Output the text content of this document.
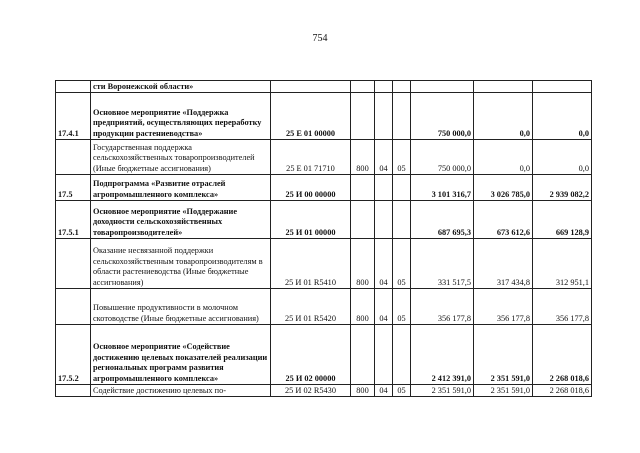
754
	сти Воронежской области»							
17.4.1	Основное мероприятие «Поддержка предприятий, осуществляющих переработку продукции растениеводства»	25 Е 01 00000				750 000,0	0,0	0,0
	Государственная поддержка сельскохозяйственных товаропроизводителей (Иные бюджетные ассигнования)	25 Е 01 71710	800	04	05	750 000,0	0,0	0,0
17.5	Подпрограмма «Развитие отраслей агропромышленного комплекса»	25 И 00 00000				3 101 316,7	3 026 785,0	2 939 082,2
17.5.1	Основное мероприятие «Поддержание доходности сельскохозяйственных товаропроизводителей»	25 И 01 00000				687 695,3	673 612,6	669 128,9
	Оказание несвязанной поддержки сельскохозяйственным товаропроизводителям в области растениеводства (Иные бюджетные ассигнования)	25 И 01 R5410	800	04	05	331 517,5	317 434,8	312 951,1
	Повышение продуктивности в молочном скотоводстве (Иные бюджетные ассигнования)	25 И 01 R5420	800	04	05	356 177,8	356 177,8	356 177,8
17.5.2	Основное мероприятие «Содействие достижению целевых показателей реализации региональных программ развития агропромышленного комплекса»	25 И 02 00000				2 412 391,0	2 351 591,0	2 268 018,6
	Содействие достижению целевых по-	25 И 02 R5430	800	04	05	2 351 591,0	2 351 591,0	2 268 018,6
